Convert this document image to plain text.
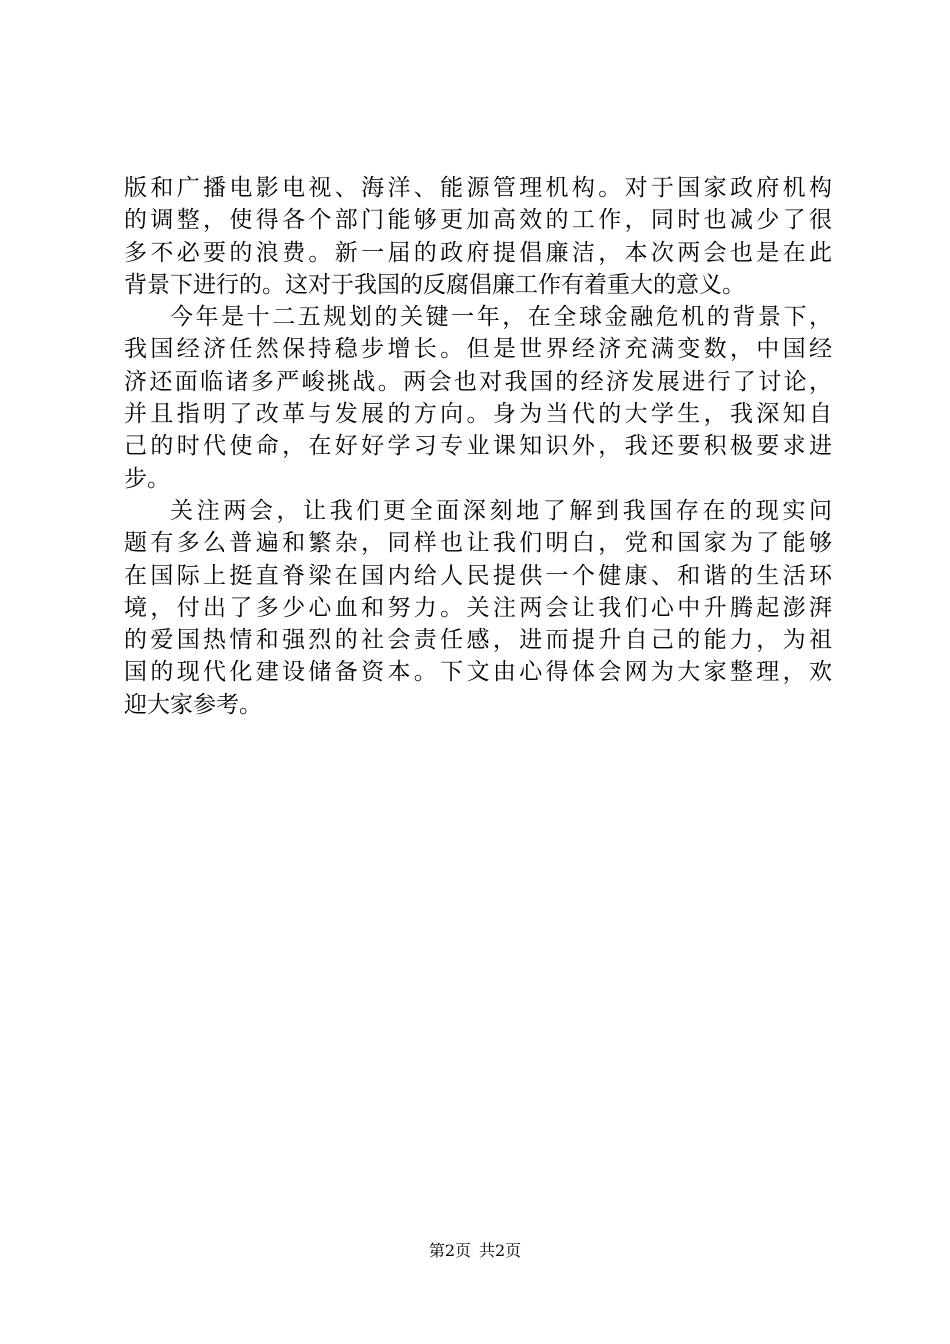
版和广播电影电视、海洋、能源管理机构。对于国家政府机构
的调整，使得各个部门能够更加高效的工作，同时也减少了很
多不必要的浪费。新一届的政府提倡廉洁，本次两会也是在此
背景下进行的。这对于我国的反腐倡廉工作有着重大的意义。
今年是十二五规划的关键一年，在全球金融危机的背景下，
我国经济任然保持稳步增长。但是世界经济充满变数，中国经
济还面临诸多严峻挑战。两会也对我国的经济发展进行了讨论，
并且指明了改革与发展的方向。身为当代的大学生，我深知自
己的时代使命，在好好学习专业课知识外，我还要积极要求进
步。
关注两会，让我们更全面深刻地了解到我国存在的现实问
题有多么普遍和繁杂，同样也让我们明白，党和国家为了能够
在国际上挺直脊梁在国内给人民提供一个健康、和谐的生活环
境，付出了多少心血和努力。关注两会让我们心中升腾起澎湃
的爱国热情和强烈的社会责任感，进而提升自己的能力，为祖
国的现代化建设储备资本。下文由心得体会网为大家整理，欢
迎大家参考。
第2页 共2页
